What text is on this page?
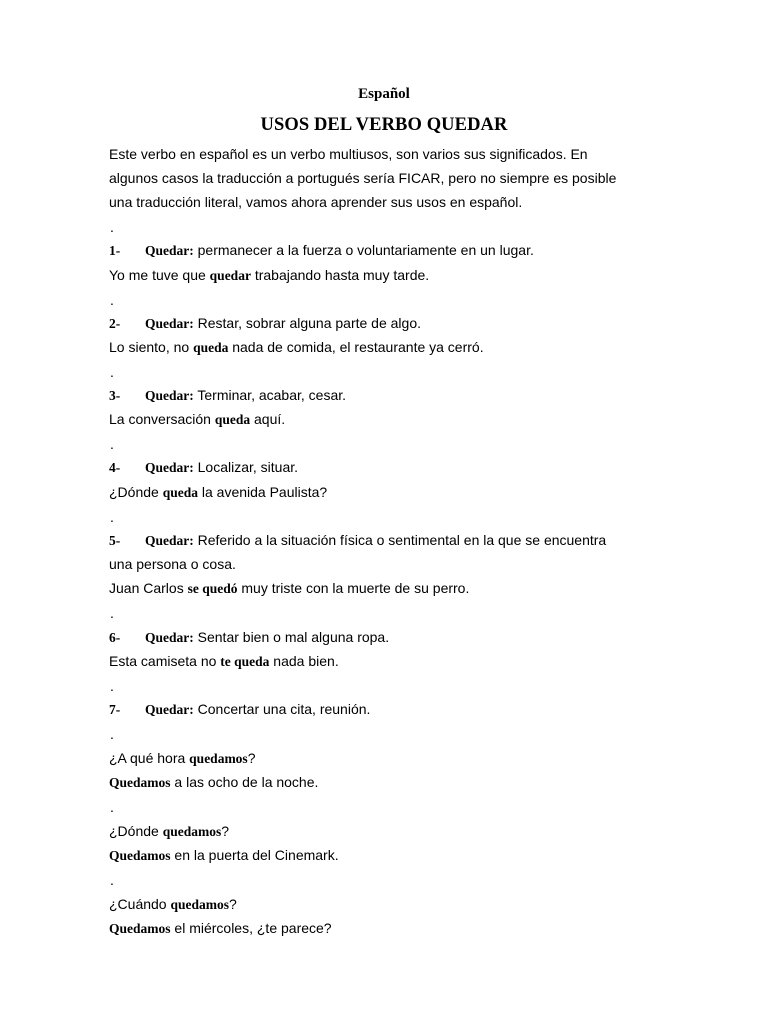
Español
USOS DEL VERBO QUEDAR
Este verbo en español es un verbo multiusos, son varios sus significados. En
algunos casos la traducción a portugués sería FICAR, pero no siempre es posible
una traducción literal, vamos ahora aprender sus usos en español.
.
1- Quedar: permanecer a la fuerza o voluntariamente en un lugar.
Yo me tuve que quedar trabajando hasta muy tarde.
.
2- Quedar: Restar, sobrar alguna parte de algo.
Lo siento, no queda nada de comida, el restaurante ya cerró.
.
3- Quedar: Terminar, acabar, cesar.
La conversación queda aquí.
.
4- Quedar: Localizar, situar.
¿Dónde queda la avenida Paulista?
.
5- Quedar: Referido a la situación física o sentimental en la que se encuentra
una persona o cosa.
Juan Carlos se quedó muy triste con la muerte de su perro.
.
6- Quedar: Sentar bien o mal alguna ropa.
Esta camiseta no te queda nada bien.
.
7- Quedar: Concertar una cita, reunión.
.
¿A qué hora quedamos?
Quedamos a las ocho de la noche.
.
¿Dónde quedamos?
Quedamos en la puerta del Cinemark.
.
¿Cuándo quedamos?
Quedamos el miércoles, ¿te parece?
